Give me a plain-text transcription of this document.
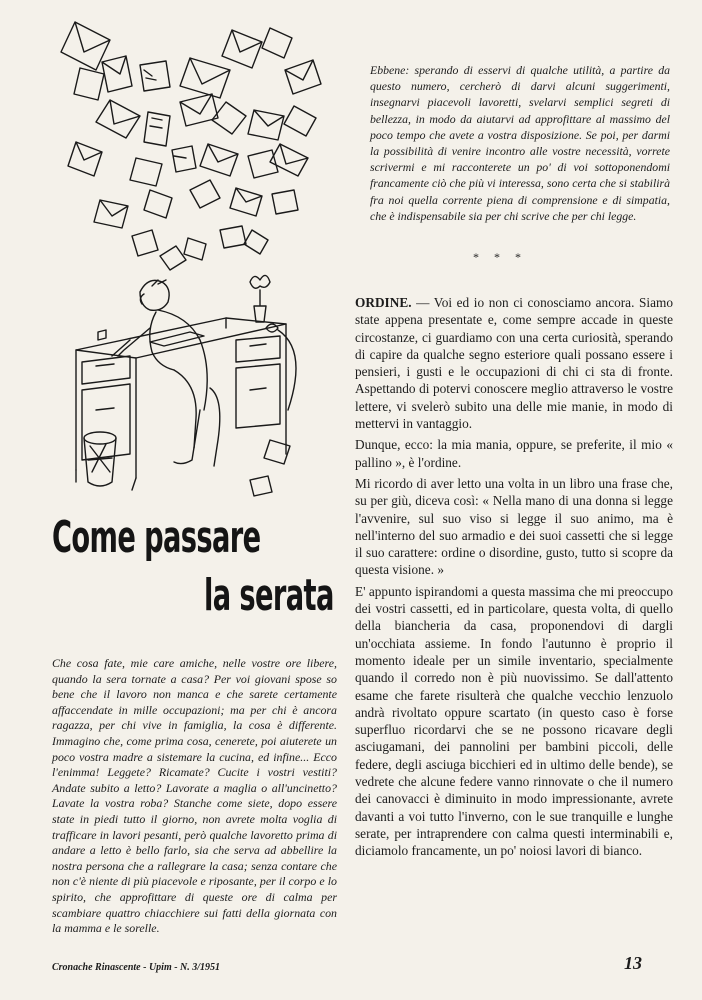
Ebbene: sperando di esservi di qualche utilità, a partire da questo numero, cercherò di darvi alcuni suggerimenti, insegnarvi piacevoli lavoretti, svelarvi semplici segreti di bellezza, in modo da aiutarvi ad approfittare al massimo del poco tempo che avete a vostra disposizione. Se poi, per darmi la possibilità di venire incontro alle vostre necessità, vorrete scrivermi e mi racconterete un po' di voi sottoponendomi francamente ciò che più vi interessa, sono certa che si stabilirà fra noi quella corrente piena di comprensione e di simpatia, che è indispensabile sia per chi scrive che per chi legge.

* * *

ORDINE. — Voi ed io non ci conosciamo ancora. Siamo state appena presentate e, come sempre accade in queste circostanze, ci guardiamo con una certa curiosità, sperando di capire da qualche segno esteriore quali possano essere i pensieri, i gusti e le occupazioni di chi ci sta di fronte. Aspettando di potervi conoscere meglio attraverso le vostre lettere, vi svelerò subito una delle mie manie, in modo di mettervi in vantaggio.

Dunque, ecco: la mia mania, oppure, se preferite, il mio « pallino », è l'ordine.

Mi ricordo di aver letto una volta in un libro una frase che, su per giù, diceva così: « Nella mano di una donna si legge l'avvenire, sul suo viso si legge il suo animo, ma è nell'interno del suo armadio e dei suoi cassetti che si legge il suo carattere: ordine o disordine, gusto, tutto si scopre da questa visione. »

E' appunto ispirandomi a questa massima che mi preoccupo dei vostri cassetti, ed in particolare, questa volta, di quello della biancheria da casa, proponendovi di dargli un'occhiata assieme. In fondo l'autunno è proprio il momento ideale per un simile inventario, specialmente quando il corredo non è più nuovissimo. Se dall'attento esame che farete risulterà che qualche vecchio lenzuolo andrà rivoltato oppure scartato (in questo caso è forse superfluo ricordarvi che se ne possono ricavare degli asciugamani, dei pannolini per bambini piccoli, delle federe, degli asciuga bicchieri ed in ultimo delle bende), se vedrete che alcune federe vanno rinnovate o che il numero dei canovacci è diminuito in modo impressionante, avrete davanti a voi tutto l'inverno, con le sue tranquille e lunghe serate, per intraprendere con calma questi interminabili e, diciamolo francamente, un po' noiosi lavori di bianco.

Come passare
la serata

Che cosa fate, mie care amiche, nelle vostre ore libere, quando la sera tornate a casa? Per voi giovani spose so bene che il lavoro non manca e che sarete certamente affaccendate in mille occupazioni; ma per chi è ancora ragazza, per chi vive in famiglia, la cosa è differente. Immagino che, come prima cosa, cenerete, poi aiuterete un poco vostra madre a sistemare la cucina, ed infine... Ecco l'enimma! Leggete? Ricamate? Cucite i vostri vestiti? Andate subito a letto? Lavorate a maglia o all'uncinetto? Lavate la vostra roba? Stanche come siete, dopo essere state in piedi tutto il giorno, non avrete molta voglia di trafficare in lavori pesanti, però qualche lavoretto prima di andare a letto è bello farlo, sia che serva ad abbellire la nostra persona che a rallegrare la casa; senza contare che non c'è niente di più piacevole e riposante, per il corpo e lo spirito, che approfittare di queste ore di calma per scambiare quattro chiacchiere sui fatti della giornata con la mamma e le sorelle.

Cronache Rinascente - Upim - N. 3/1951	13
